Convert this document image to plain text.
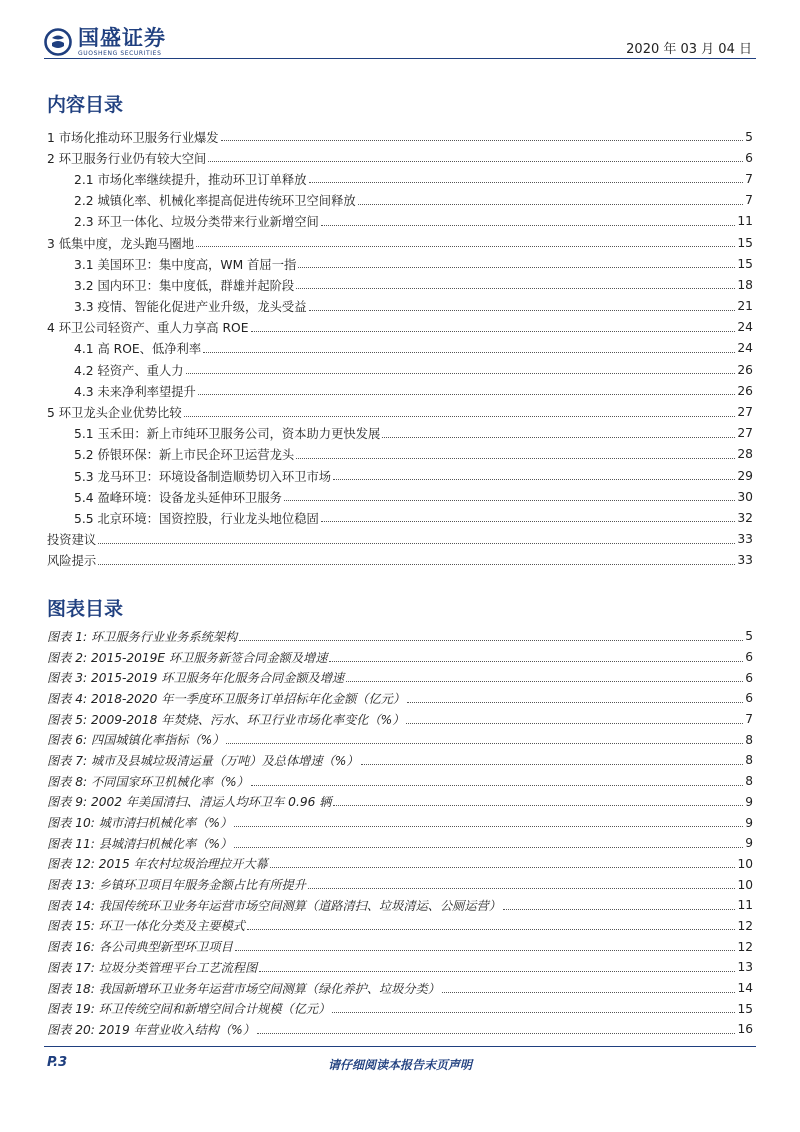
国盛证券
GUOSHENG SECURITIES	2020 年 03 月 04 日
内容目录
1 市场化推动环卫服务行业爆发	5
2 环卫服务行业仍有较大空间	6
2.1 市场化率继续提升，推动环卫订单释放	7
2.2 城镇化率、机械化率提高促进传统环卫空间释放	7
2.3 环卫一体化、垃圾分类带来行业新增空间	11
3 低集中度，龙头跑马圈地	15
3.1 美国环卫：集中度高，WM 首屈一指	15
3.2 国内环卫：集中度低，群雄并起阶段	18
3.3 疫情、智能化促进产业升级，龙头受益	21
4 环卫公司轻资产、重人力享高 ROE	24
4.1 高 ROE、低净利率	24
4.2 轻资产、重人力	26
4.3 未来净利率望提升	26
5 环卫龙头企业优势比较	27
5.1 玉禾田：新上市纯环卫服务公司，资本助力更快发展	27
5.2 侨银环保：新上市民企环卫运营龙头	28
5.3 龙马环卫：环境设备制造顺势切入环卫市场	29
5.4 盈峰环境：设备龙头延伸环卫服务	30
5.5 北京环境：国资控股，行业龙头地位稳固	32
投资建议	33
风险提示	33
图表目录
图表 1: 环卫服务行业业务系统架构	5
图表 2: 2015-2019E 环卫服务新签合同金额及增速	6
图表 3: 2015-2019 环卫服务年化服务合同金额及增速	6
图表 4: 2018-2020 年一季度环卫服务订单招标年化金额（亿元）	6
图表 5: 2009-2018 年焚烧、污水、环卫行业市场化率变化（%）	7
图表 6: 四国城镇化率指标（%）	8
图表 7: 城市及县城垃圾清运量（万吨）及总体增速（%）	8
图表 8: 不同国家环卫机械化率（%）	8
图表 9: 2002 年美国清扫、清运人均环卫车 0.96 辆	9
图表 10: 城市清扫机械化率（%）	9
图表 11: 县城清扫机械化率（%）	9
图表 12: 2015 年农村垃圾治理拉开大幕	10
图表 13: 乡镇环卫项目年服务金额占比有所提升	10
图表 14: 我国传统环卫业务年运营市场空间测算（道路清扫、垃圾清运、公厕运营）	11
图表 15: 环卫一体化分类及主要模式	12
图表 16: 各公司典型新型环卫项目	12
图表 17: 垃圾分类管理平台工艺流程图	13
图表 18: 我国新增环卫业务年运营市场空间测算（绿化养护、垃圾分类）	14
图表 19: 环卫传统空间和新增空间合计规模（亿元）	15
图表 20: 2019 年营业收入结构（%）	16
P.3	请仔细阅读本报告末页声明
